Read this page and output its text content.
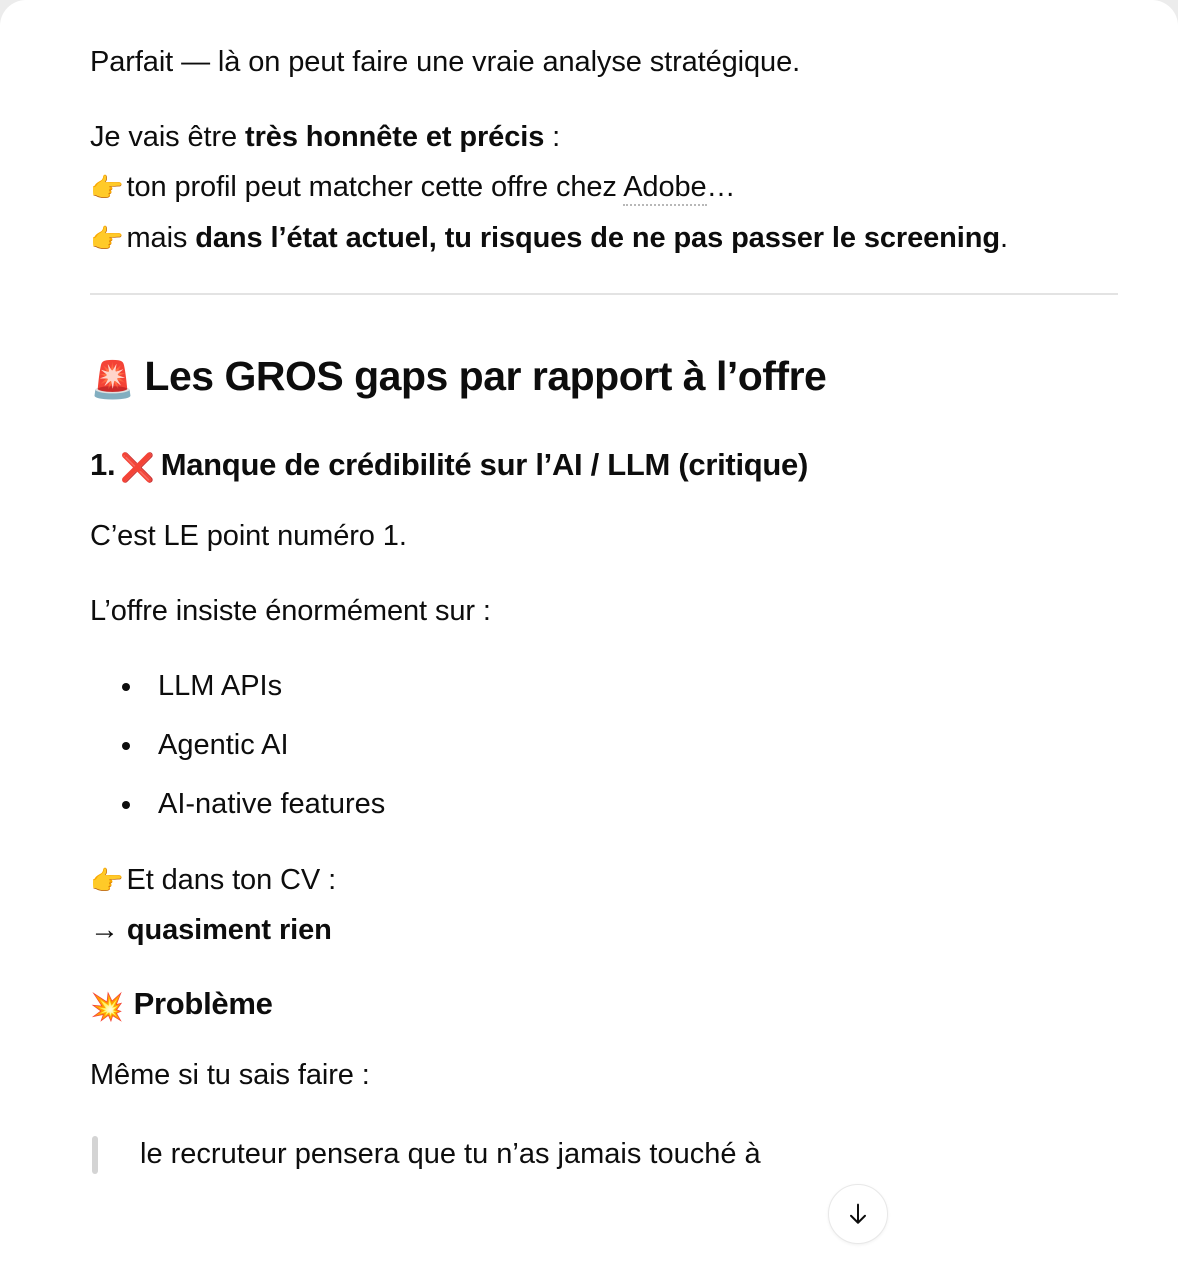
Parfait — là on peut faire une vraie analyse stratégique.

Je vais être très honnête et précis :

👉 ton profil peut matcher cette offre chez Adobe…

👉 mais dans l’état actuel, tu risques de ne pas passer le screening.

🚨 Les GROS gaps par rapport à l’offre
1. ❌ Manque de crédibilité sur l’AI / LLM (critique)

C’est LE point numéro 1.

L’offre insiste énormément sur :

LLM APIs
Agentic AI
AI-native features

👉 Et dans ton CV :

→ quasiment rien

💥 Problème

Même si tu sais faire :

le recruteur pensera que tu n’as jamais touché à
